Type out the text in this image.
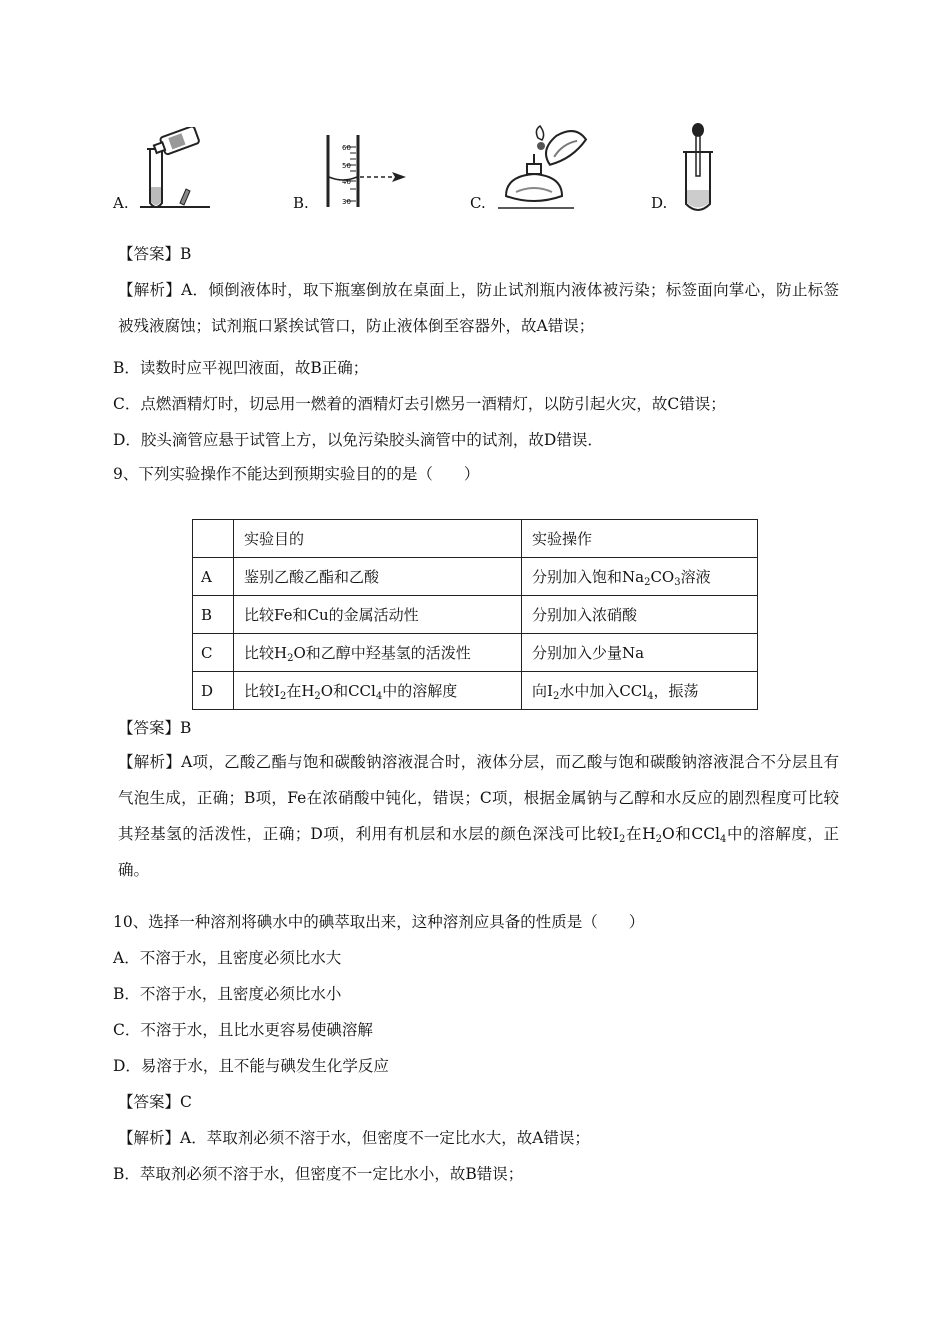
A.	B.
60
50
40
30	C.	D.
【答案】B
【解析】A．倾倒液体时，取下瓶塞倒放在桌面上，防止试剂瓶内液体被污染；标签面向掌心，防止标签被残液腐蚀；试剂瓶口紧挨试管口，防止液体倒至容器外，故A错误；
B．读数时应平视凹液面，故B正确；
C．点燃酒精灯时，切忌用一燃着的酒精灯去引燃另一酒精灯，以防引起火灾，故C错误；
D．胶头滴管应悬于试管上方，以免污染胶头滴管中的试剂，故D错误．
9、下列实验操作不能达到预期实验目的的是（　　）
	实验目的	实验操作
A	鉴别乙酸乙酯和乙酸	分别加入饱和$Na_2CO_3$溶液
B	比较Fe和Cu的金属活动性	分别加入浓硝酸
C	比较$H_2O$和乙醇中羟基氢的活泼性	分别加入少量Na
D	比较$I_2$在$H_2O$和CCl$_4$中的溶解度	向$I_2$水中加入CCl$_4$，振荡
【答案】B
【解析】A项，乙酸乙酯与饱和碳酸钠溶液混合时，液体分层，而乙酸与饱和碳酸钠溶液混合不分层且有气泡生成，正确；B项，Fe在浓硝酸中钝化，错误；C项，根据金属钠与乙醇和水反应的剧烈程度可比较其羟基氢的活泼性，正确；D项，利用有机层和水层的颜色深浅可比较$I_2$在$H_2O$和CCl$_4$中的溶解度，正确。
10、选择一种溶剂将碘水中的碘萃取出来，这种溶剂应具备的性质是（　　）
A．不溶于水，且密度必须比水大
B．不溶于水，且密度必须比水小
C．不溶于水，且比水更容易使碘溶解
D．易溶于水，且不能与碘发生化学反应
【答案】C
【解析】A．萃取剂必须不溶于水，但密度不一定比水大，故A错误；
B．萃取剂必须不溶于水，但密度不一定比水小，故B错误；
